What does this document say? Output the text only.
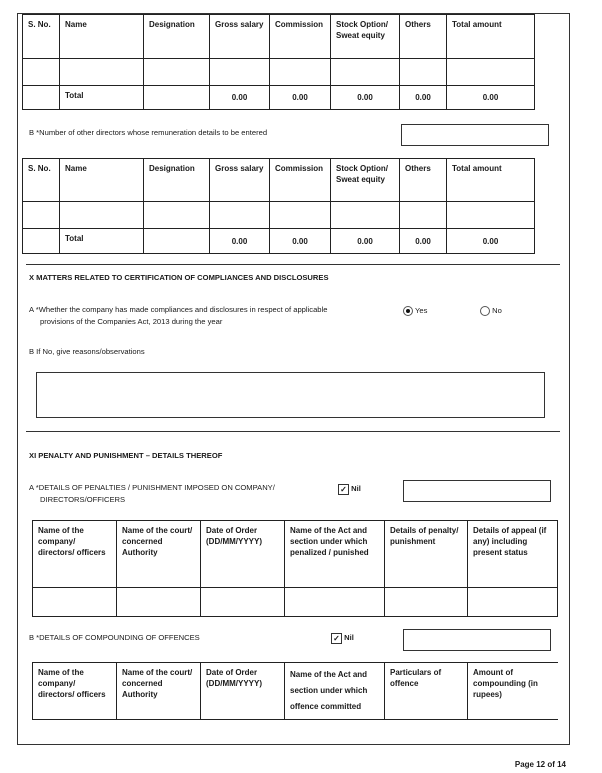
S. No.	Name	Designation	Gross salary	Commission	Stock Option/ Sweat equity	Others	Total amount

	Total		0.00	0.00	0.00	0.00	0.00
B *Number of other directors whose remuneration details to be entered
S. No.	Name	Designation	Gross salary	Commission	Stock Option/ Sweat equity	Others	Total amount

	Total		0.00	0.00	0.00	0.00	0.00
X MATTERS RELATED TO CERTIFICATION OF COMPLIANCES AND DISCLOSURES
A *Whether the company has made compliances and disclosures in respect of applicable
provisions of the Companies Act, 2013 during the year
Yes	No
B If No, give reasons/observations
XI PENALTY AND PUNISHMENT – DETAILS THEREOF
A *DETAILS OF PENALTIES / PUNISHMENT IMPOSED ON COMPANY/
DIRECTORS/OFFICERS
✓ Nil
Name of the company/ directors/ officers	Name of the court/ concerned Authority	Date of Order (DD/MM/YYYY)	Name of the Act and section under which penalized / punished	Details of penalty/ punishment	Details of appeal (if any) including present status

B *DETAILS OF COMPOUNDING OF OFFENCES	✓ Nil
Name of the company/ directors/ officers	Name of the court/ concerned Authority	Date of Order (DD/MM/YYYY)	Name of the Act and section under which offence committed	Particulars of offence	Amount of compounding (in rupees)
Page 12 of 14
